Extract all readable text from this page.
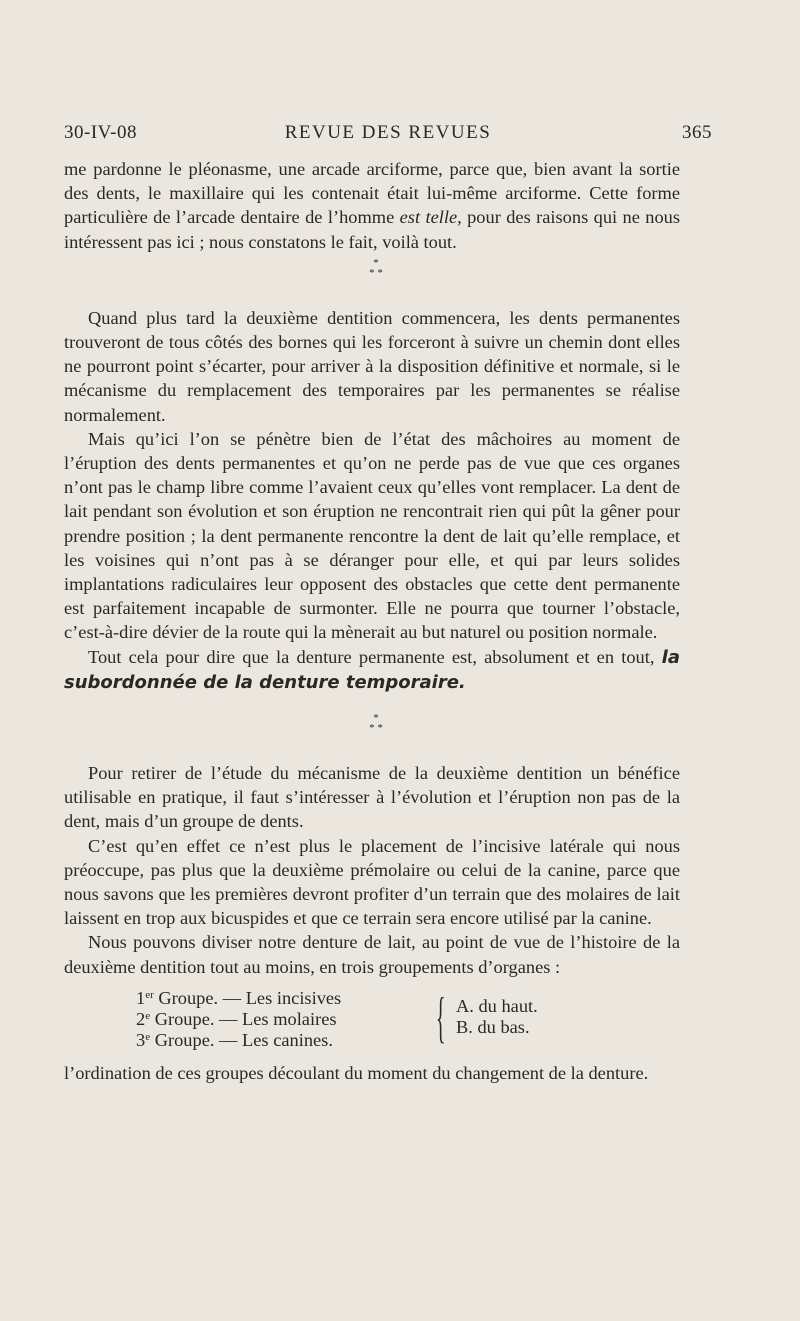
30-IV-08	REVUE DES REVUES	365

me pardonne le pléonasme, une arcade arciforme, parce que, bien avant la sortie des dents, le maxillaire qui les contenait était lui-même arciforme. Cette forme particulière de l’arcade dentaire de l’homme est telle, pour des raisons qui ne nous intéressent pas ici ; nous constatons le fait, voilà tout.

*
* *

Quand plus tard la deuxième dentition commencera, les dents permanentes trouveront de tous côtés des bornes qui les forceront à suivre un chemin dont elles ne pourront point s’écarter, pour arriver à la disposition définitive et normale, si le mécanisme du remplacement des temporaires par les permanentes se réalise normalement.

Mais qu’ici l’on se pénètre bien de l’état des mâchoires au moment de l’éruption des dents permanentes et qu’on ne perde pas de vue que ces organes n’ont pas le champ libre comme l’avaient ceux qu’elles vont remplacer. La dent de lait pendant son évolution et son éruption ne rencontrait rien qui pût la gêner pour prendre position ; la dent permanente rencontre la dent de lait qu’elle remplace, et les voisines qui n’ont pas à se déranger pour elle, et qui par leurs solides implantations radiculaires leur opposent des obstacles que cette dent permanente est parfaitement incapable de surmonter. Elle ne pourra que tourner l’obstacle, c’est-à-dire dévier de la route qui la mènerait au but naturel ou position normale.

Tout cela pour dire que la denture permanente est, absolument et en tout, la subordonnée de la denture temporaire.

*
* *

Pour retirer de l’étude du mécanisme de la deuxième dentition un bénéfice utilisable en pratique, il faut s’intéresser à l’évolution et l’éruption non pas de la dent, mais d’un groupe de dents.

C’est qu’en effet ce n’est plus le placement de l’incisive latérale qui nous préoccupe, pas plus que la deuxième prémolaire ou celui de la canine, parce que nous savons que les premières devront profiter d’un terrain que des molaires de lait laissent en trop aux bicuspides et que ce terrain sera encore utilisé par la canine.

Nous pouvons diviser notre denture de lait, au point de vue de l’histoire de la deuxième dentition tout au moins, en trois groupements d’organes :

1er Groupe. — Les incisives
2e Groupe. — Les molaires
3e Groupe. — Les canines. { A. du haut.
B. du bas.

l’ordination de ces groupes découlant du moment du changement de la denture.
